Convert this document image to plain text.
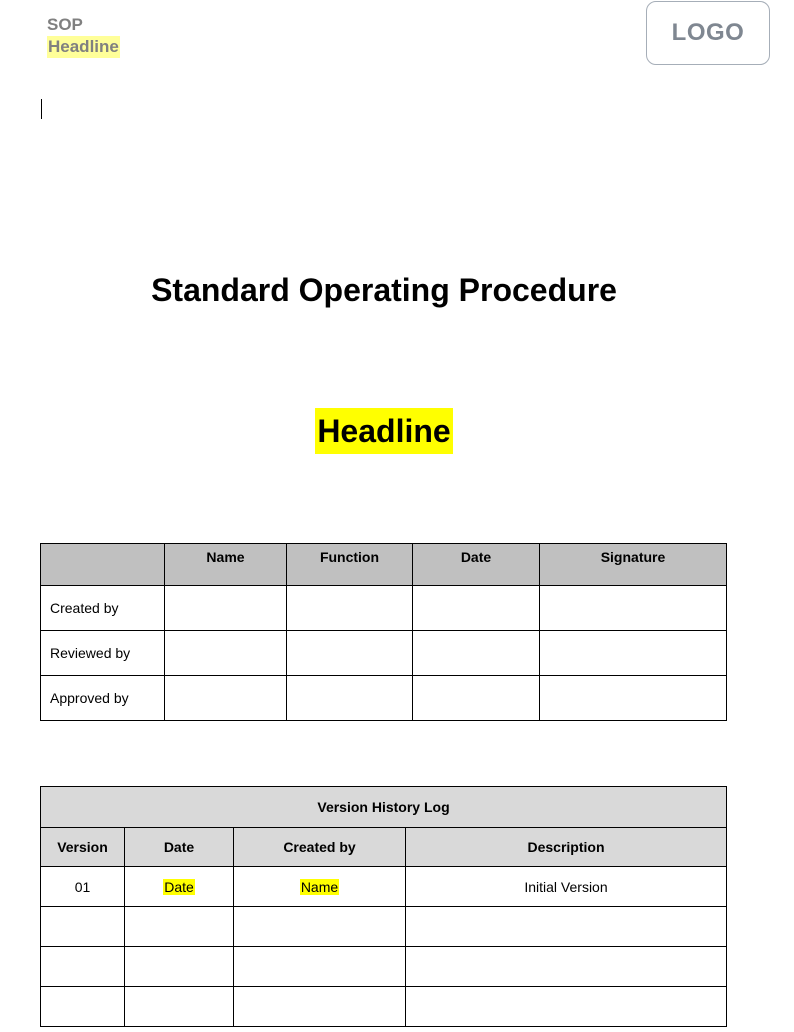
SOP
Headline
LOGO
Standard Operating Procedure
Headline
	Name	Function	Date	Signature
Created by				
Reviewed by				
Approved by				
Version History Log			
Version	Date	Created by	Description
01	Date	Name	Initial Version
